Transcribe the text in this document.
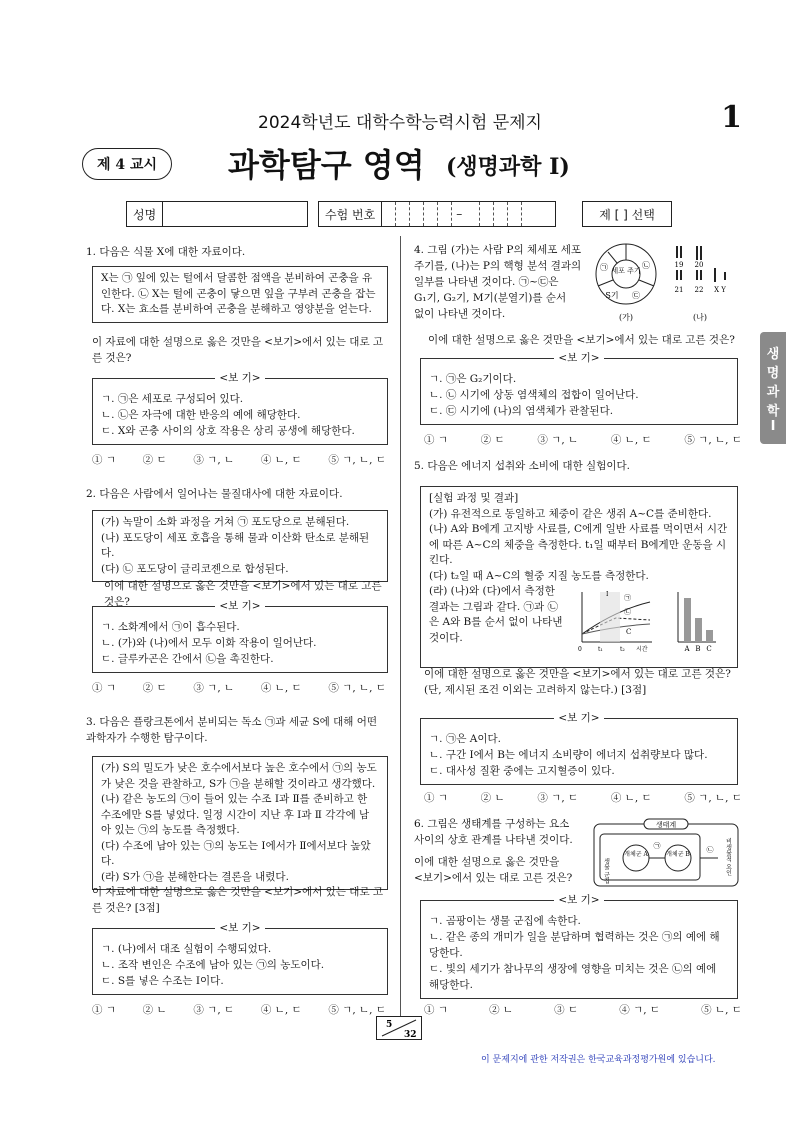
2024학년도 대학수학능력시험 문제지	1
제 4 교시	과학탐구 영역 (생명과학 I)
성명	수험 번호	–	제 [ ] 선택
생
명
과
학
I
1. 다음은 식물 X에 대한 자료이다.
X는 ㉠ 잎에 있는 털에서 달콤한 점액을 분비하여 곤충을 유인한다. ㉡ X는 털에 곤충이 닿으면 잎을 구부려 곤충을 잡는다. X는 효소를 분비하여 곤충을 분해하고 영양분을 얻는다.
이 자료에 대한 설명으로 옳은 것만을 <보기>에서 있는 대로 고른 것은?
<보 기>
ㄱ. ㉠은 세포로 구성되어 있다.
ㄴ. ㉡은 자극에 대한 반응의 예에 해당한다.
ㄷ. X와 곤충 사이의 상호 작용은 상리 공생에 해당한다.
① ㄱ	② ㄷ	③ ㄱ, ㄴ	④ ㄴ, ㄷ	⑤ ㄱ, ㄴ, ㄷ
2. 다음은 사람에서 일어나는 물질대사에 대한 자료이다.
(가) 녹말이 소화 과정을 거쳐 ㉠ 포도당으로 분해된다.
(나) 포도당이 세포 호흡을 통해 물과 이산화 탄소로 분해된다.
(다) ㉡ 포도당이 글리코젠으로 합성된다.
이에 대한 설명으로 옳은 것만을 <보기>에서 있는 대로 고른 것은?	<보 기>
ㄱ. 소화계에서 ㉠이 흡수된다.
ㄴ. (가)와 (나)에서 모두 이화 작용이 일어난다.
ㄷ. 글루카곤은 간에서 ㉡을 촉진한다.
① ㄱ	② ㄷ	③ ㄱ, ㄴ	④ ㄴ, ㄷ	⑤ ㄱ, ㄴ, ㄷ
3. 다음은 플랑크톤에서 분비되는 독소 ㉠과 세균 S에 대해 어떤 과학자가 수행한 탐구이다.
(가) S의 밀도가 낮은 호수에서보다 높은 호수에서 ㉠의 농도가 낮은 것을 관찰하고, S가 ㉠을 분해할 것이라고 생각했다.
(나) 같은 농도의 ㉠이 들어 있는 수조 Ⅰ과 Ⅱ를 준비하고 한 수조에만 S를 넣었다. 일정 시간이 지난 후 Ⅰ과 Ⅱ 각각에 남아 있는 ㉠의 농도를 측정했다.
(다) 수조에 남아 있는 ㉠의 농도는 Ⅰ에서가 Ⅱ에서보다 높았다.
(라) S가 ㉠을 분해한다는 결론을 내렸다.
이 자료에 대한 설명으로 옳은 것만을 <보기>에서 있는 대로 고른 것은? [3점]
<보 기>
ㄱ. (나)에서 대조 실험이 수행되었다.
ㄴ. 조작 변인은 수조에 남아 있는 ㉠의 농도이다.
ㄷ. S를 넣은 수조는 Ⅰ이다.
① ㄱ	② ㄴ	③ ㄱ, ㄷ	④ ㄴ, ㄷ	⑤ ㄱ, ㄴ, ㄷ
4. 그림 (가)는 사람 P의 체세포 세포
주기를, (나)는 P의 핵형 분석 결과의
일부를 나타낸 것이다. ㉠~㉢은
G₁기, G₂기, M기(분열기)를 순서
없이 나타낸 것이다.
세포 주기
㉠	㉡
㉢
S기
(가)
19 20
21 22 X Y
(나)
이에 대한 설명으로 옳은 것만을 <보기>에서 있는 대로 고른 것은?
<보 기>
ㄱ. ㉠은 G₂기이다.
ㄴ. ㉡ 시기에 상동 염색체의 접합이 일어난다.
ㄷ. ㉢ 시기에 (나)의 염색체가 관찰된다.
① ㄱ	② ㄷ	③ ㄱ, ㄴ	④ ㄴ, ㄷ	⑤ ㄱ, ㄴ, ㄷ
5. 다음은 에너지 섭취와 소비에 대한 실험이다.
[실험 과정 및 결과]
(가) 유전적으로 동일하고 체중이 같은 생쥐 A~C를 준비한다.
(나) A와 B에게 고지방 사료를, C에게 일반 사료를 먹이면서 시간에 따른 A~C의 체중을 측정한다. t₁일 때부터 B에게만 운동을 시킨다.
(다) t₂일 때 A~C의 혈중 지질 농도를 측정한다.
(라) (나)와 (다)에서 측정한 결과는 그림과 같다. ㉠과 ㉡은 A와 B를 순서 없이 나타낸 것이다.
㉠
㉡
C
Ⅰ
t₁	t₂
0	시간	A B C
이에 대한 설명으로 옳은 것만을 <보기>에서 있는 대로 고른 것은? (단, 제시된 조건 이외는 고려하지 않는다.) [3점]
<보 기>
ㄱ. ㉠은 A이다.
ㄴ. 구간 Ⅰ에서 B는 에너지 소비량이 에너지 섭취량보다 많다.
ㄷ. 대사성 질환 중에는 고지혈증이 있다.
① ㄱ	② ㄴ	③ ㄱ, ㄷ	④ ㄴ, ㄷ	⑤ ㄱ, ㄴ, ㄷ
6. 그림은 생태계를 구성하는 요소
사이의 상호 관계를 나타낸 것이다.
이에 대한 설명으로 옳은 것만을
<보기>에서 있는 대로 고른 것은?
생태계
생물 군집
개체군 A	개체군 B
㉠	㉡ 비생물적 요인
<보 기>
ㄱ. 곰팡이는 생물 군집에 속한다.
ㄴ. 같은 종의 개미가 일을 분담하며 협력하는 것은 ㉠의 예에 해당한다.
ㄷ. 빛의 세기가 참나무의 생장에 영향을 미치는 것은 ㉡의 예에 해당한다.
① ㄱ	② ㄴ	③ ㄷ	④ ㄱ, ㄷ	⑤ ㄴ, ㄷ
5
32
이 문제지에 관한 저작권은 한국교육과정평가원에 있습니다.
